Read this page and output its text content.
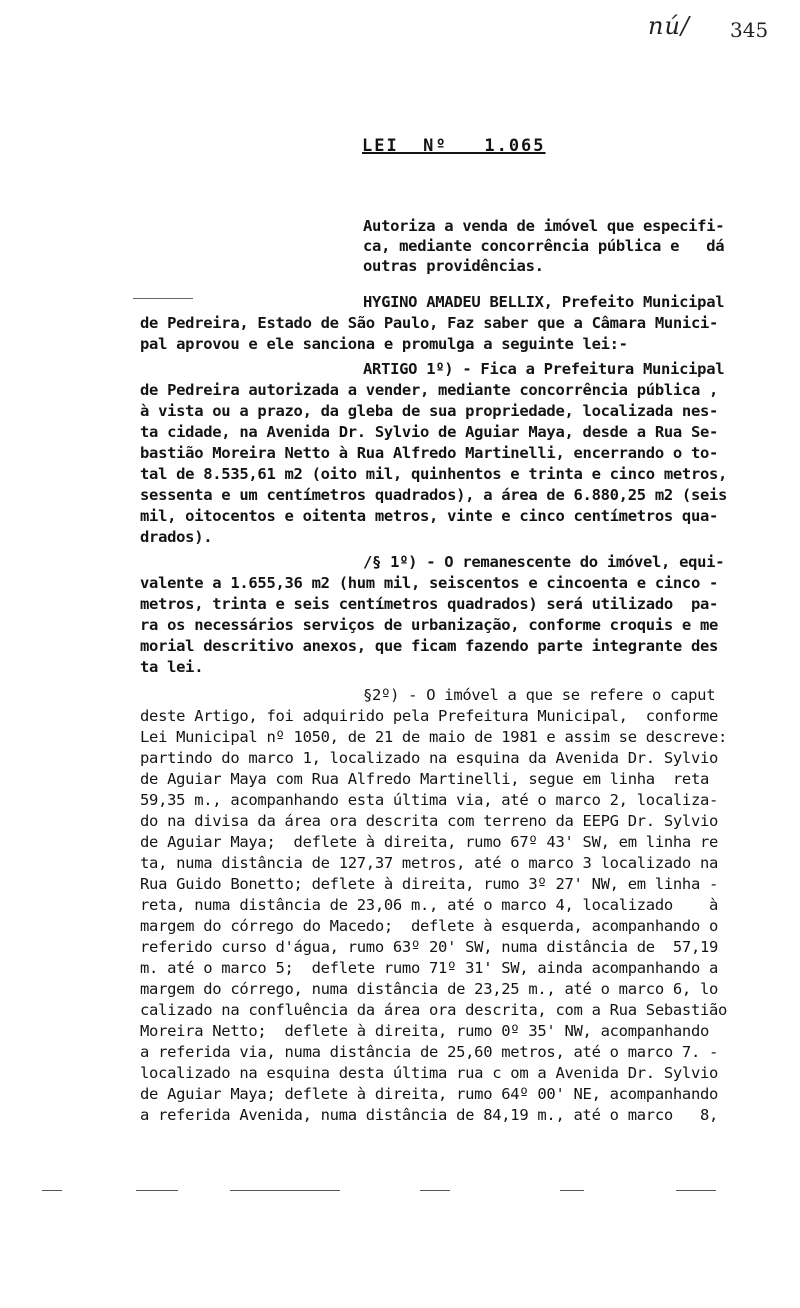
nú/ 345
LEI  Nº   1.065
Autoriza a venda de imóvel que especifi-
ca, mediante concorrência pública e   dá
outras providências.
HYGINO AMADEU BELLIX, Prefeito Municipal
de Pedreira, Estado de São Paulo, Faz saber que a Câmara Munici-
pal aprovou e ele sanciona e promulga a seguinte lei:-
ARTIGO 1º) - Fica a Prefeitura Municipal
de Pedreira autorizada a vender, mediante concorrência pública ,
à vista ou a prazo, da gleba de sua propriedade, localizada nes-
ta cidade, na Avenida Dr. Sylvio de Aguiar Maya, desde a Rua Se-
bastião Moreira Netto à Rua Alfredo Martinelli, encerrando o to-
tal de 8.535,61 m2 (oito mil, quinhentos e trinta e cinco metros,
sessenta e um centímetros quadrados), a área de 6.880,25 m2 (seis
mil, oitocentos e oitenta metros, vinte e cinco centímetros qua-
drados).
/§ 1º) - O remanescente do imóvel, equi-
valente a 1.655,36 m2 (hum mil, seiscentos e cincoenta e cinco -
metros, trinta e seis centímetros quadrados) será utilizado  pa-
ra os necessários serviços de urbanização, conforme croquis e me
morial descritivo anexos, que ficam fazendo parte integrante des
ta lei.
§2º) - O imóvel a que se refere o caput
deste Artigo, foi adquirido pela Prefeitura Municipal,  conforme
Lei Municipal nº 1050, de 21 de maio de 1981 e assim se descreve:
partindo do marco 1, localizado na esquina da Avenida Dr. Sylvio
de Aguiar Maya com Rua Alfredo Martinelli, segue em linha  reta
59,35 m., acompanhando esta última via, até o marco 2, localiza-
do na divisa da área ora descrita com terreno da EEPG Dr. Sylvio
de Aguiar Maya;  deflete à direita, rumo 67º 43' SW, em linha re
ta, numa distância de 127,37 metros, até o marco 3 localizado na
Rua Guido Bonetto; deflete à direita, rumo 3º 27' NW, em linha -
reta, numa distância de 23,06 m., até o marco 4, localizado    à
margem do córrego do Macedo;  deflete à esquerda, acompanhando o
referido curso d'água, rumo 63º 20' SW, numa distância de  57,19
m. até o marco 5;  deflete rumo 71º 31' SW, ainda acompanhando a
margem do córrego, numa distância de 23,25 m., até o marco 6, lo
calizado na confluência da área ora descrita, com a Rua Sebastião
Moreira Netto;  deflete à direita, rumo 0º 35' NW, acompanhando
a referida via, numa distância de 25,60 metros, até o marco 7. -
localizado na esquina desta última rua c om a Avenida Dr. Sylvio
de Aguiar Maya; deflete à direita, rumo 64º 00' NE, acompanhando
a referida Avenida, numa distância de 84,19 m., até o marco   8,
